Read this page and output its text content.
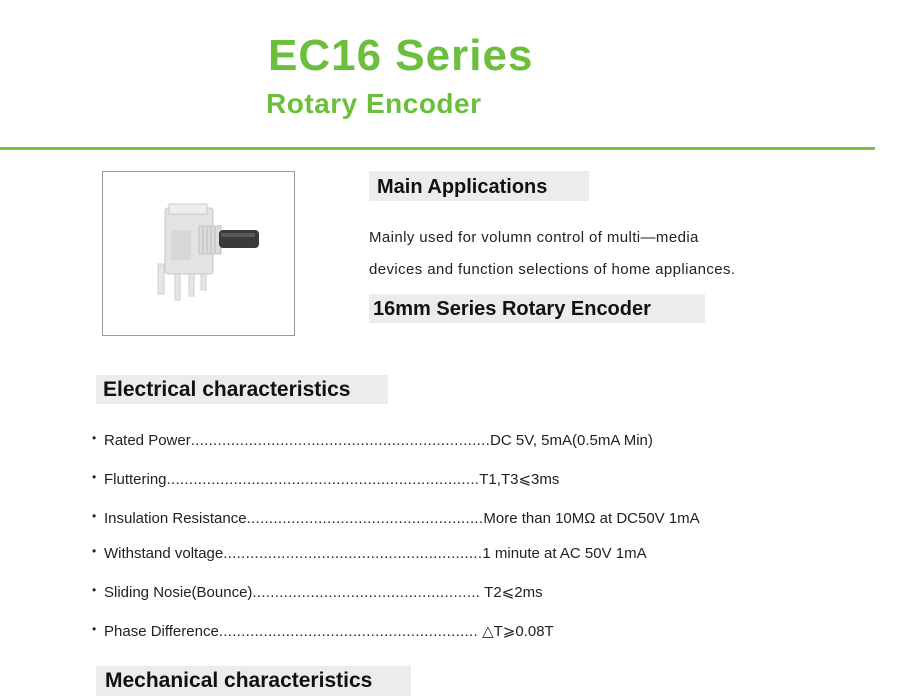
EC16 Series
Rotary Encoder
Main Applications
Mainly used for volumn control of multi—media
devices and function selections of home appliances.
16mm Series Rotary Encoder
Electrical characteristics
• Rated Power...................................................................DC 5V, 5mA(0.5mA Min)
• Fluttering......................................................................T1,T3⩽3ms
• Insulation Resistance.....................................................More than 10MΩ at DC50V 1mA
• Withstand voltage..........................................................1 minute at AC 50V 1mA
• Sliding Nosie(Bounce)................................................... T2⩽2ms
• Phase Difference.......................................................... △T⩾0.08T
Mechanical characteristics
